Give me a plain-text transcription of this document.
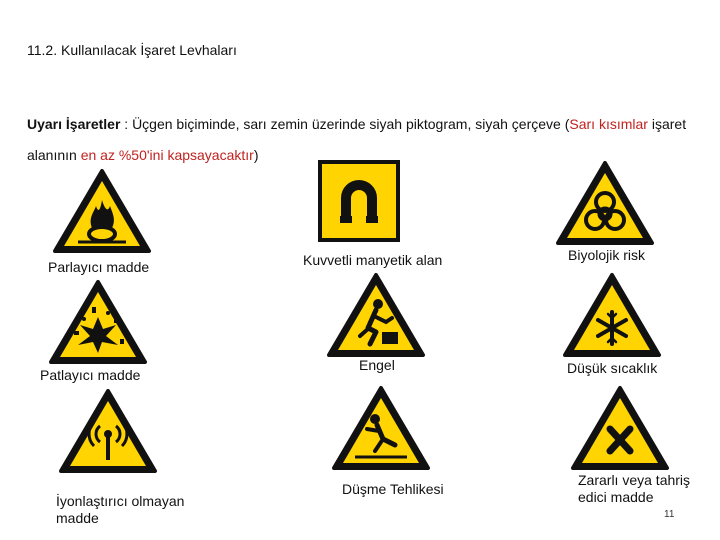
11.2. Kullanılacak İşaret Levhaları
Uyarı İşaretler : Üçgen biçiminde, sarı zemin üzerinde siyah piktogram, siyah çerçeve (Sarı kısımlar işaret alanının en az %50'ini kapsayacaktır)
Parlayıcı madde	Kuvvetli manyetik alan	Biyolojik risk
Patlayıcı madde
Engel	Düşük sıcaklık
İyonlaştırıcı olmayan madde
Düşme Tehlikesi
Zararlı veya tahriş edici madde
11
